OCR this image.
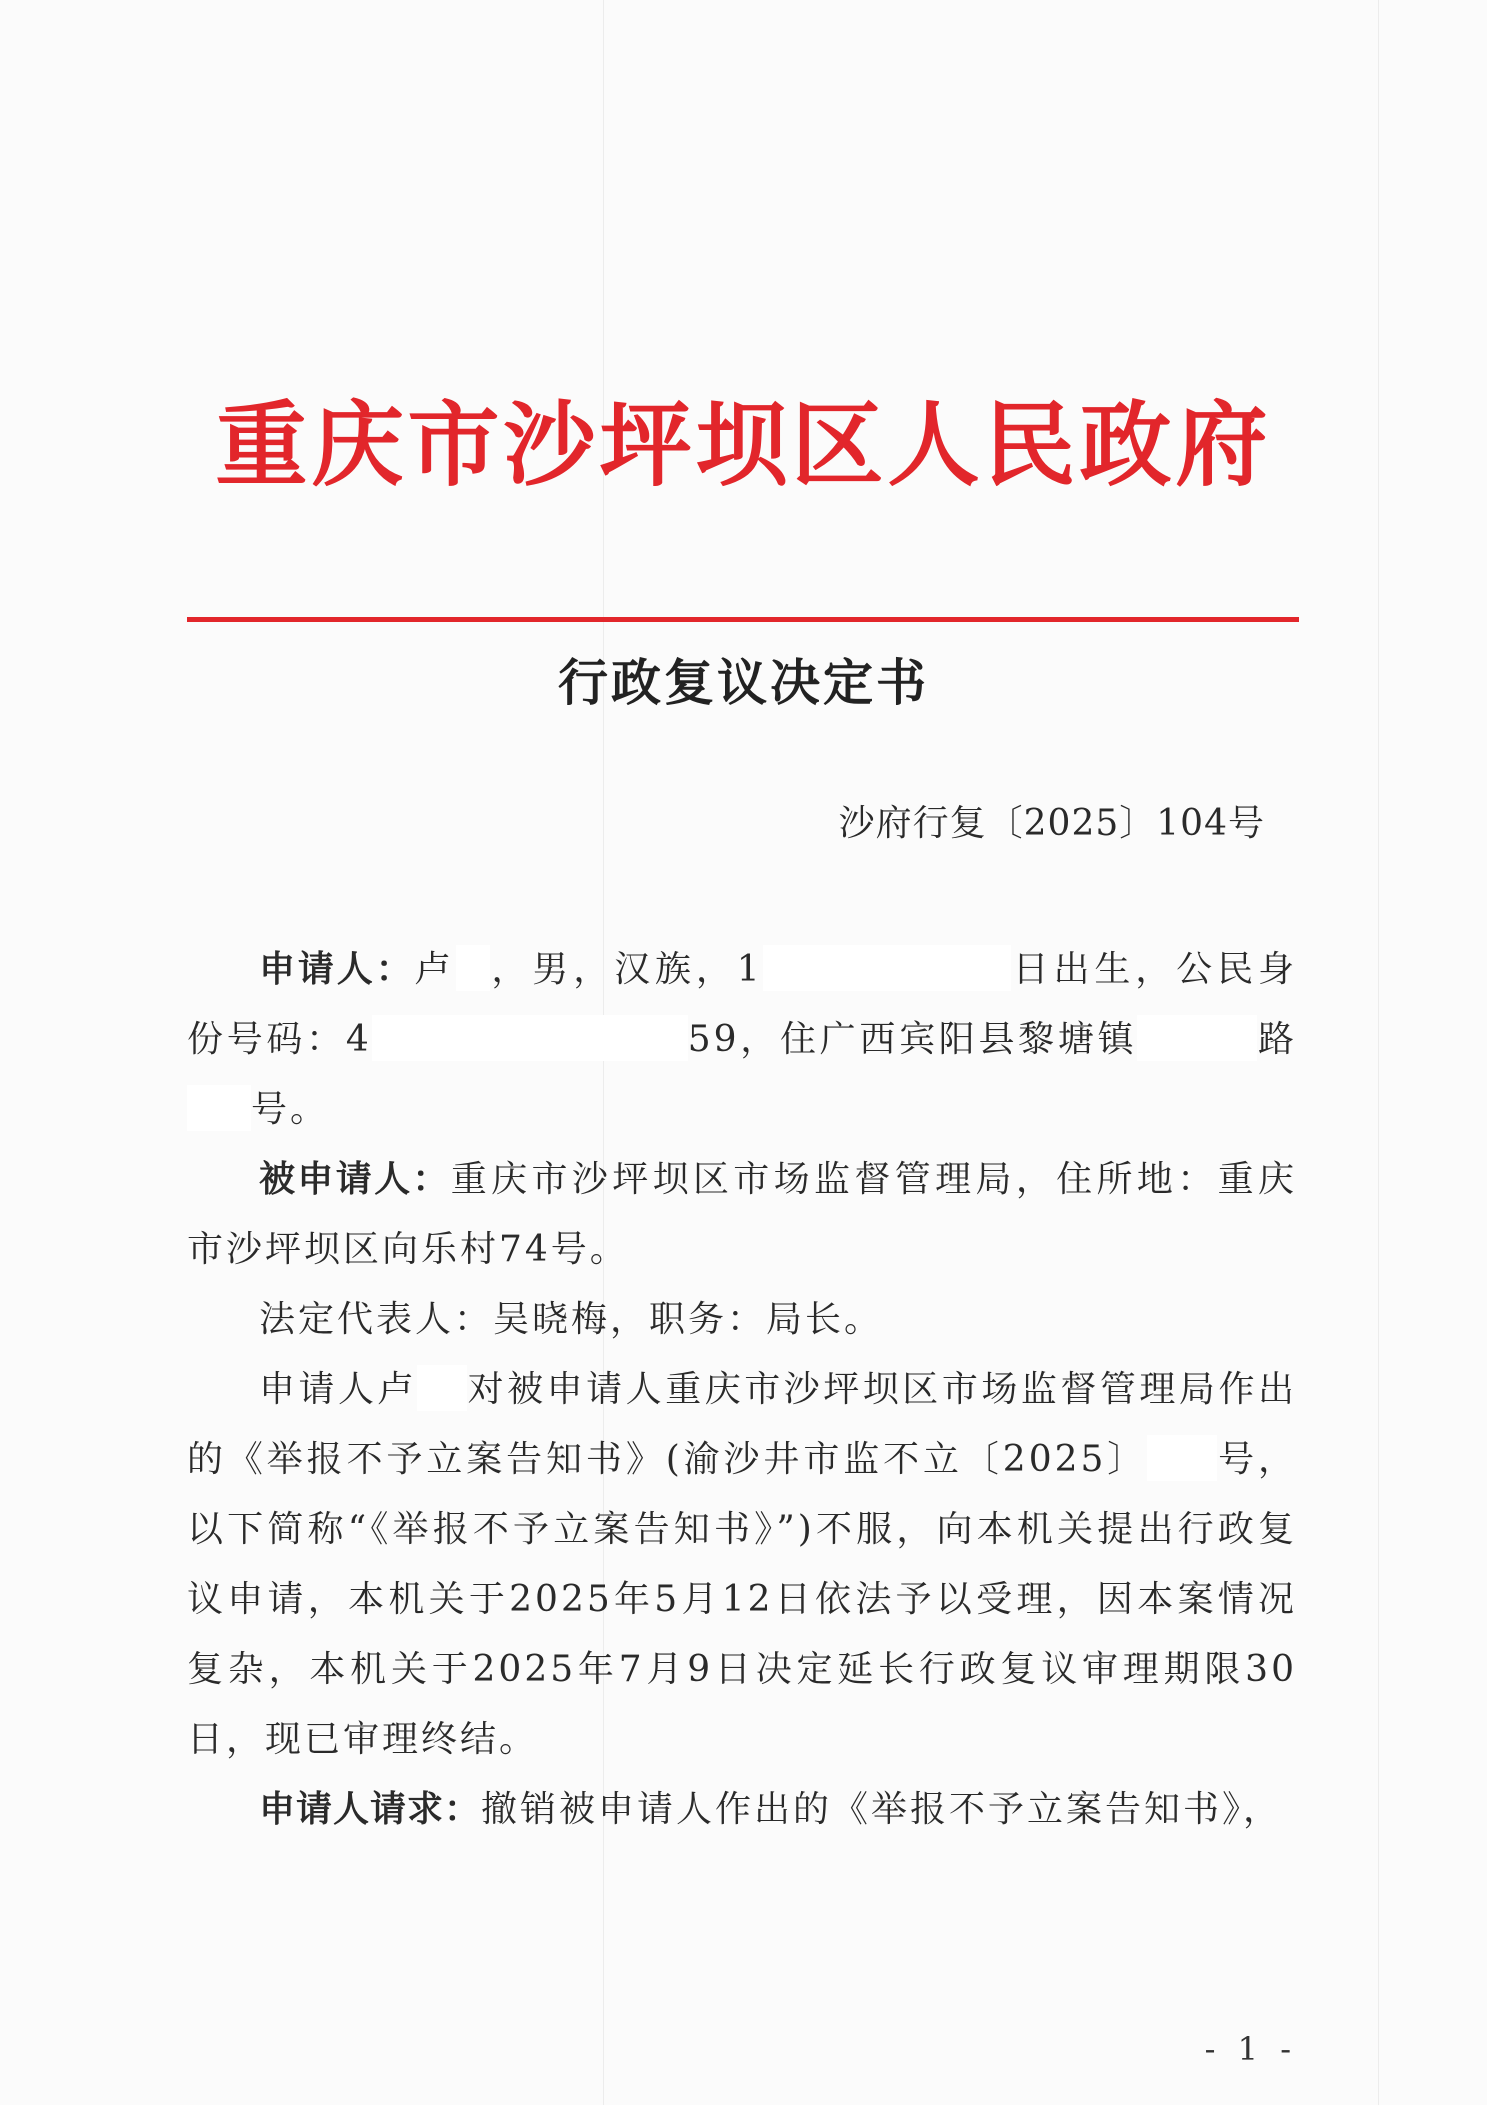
重庆市沙坪坝区人民政府
行政复议决定书
沙府行复〔2025〕104号

申请人：卢 ，男，汉族，1	日出生，公民身份号码：4	59，住广西宾阳县黎塘镇	路号。

被申请人：重庆市沙坪坝区市场监督管理局，住所地：重庆市沙坪坝区向乐村74号。

法定代表人：吴晓梅，职务：局长。

申请人卢 对被申请人重庆市沙坪坝区市场监督管理局作出的《举报不予立案告知书》(渝沙井市监不立〔2025〕 号，以下简称“《举报不予立案告知书》”)不服，向本机关提出行政复议申请，本机关于2025年5月12日依法予以受理，因本案情况复杂，本机关于2025年7月9日决定延长行政复议审理期限30日，现已审理终结。

申请人请求：撤销被申请人作出的《举报不予立案告知书》，

- 1 -
